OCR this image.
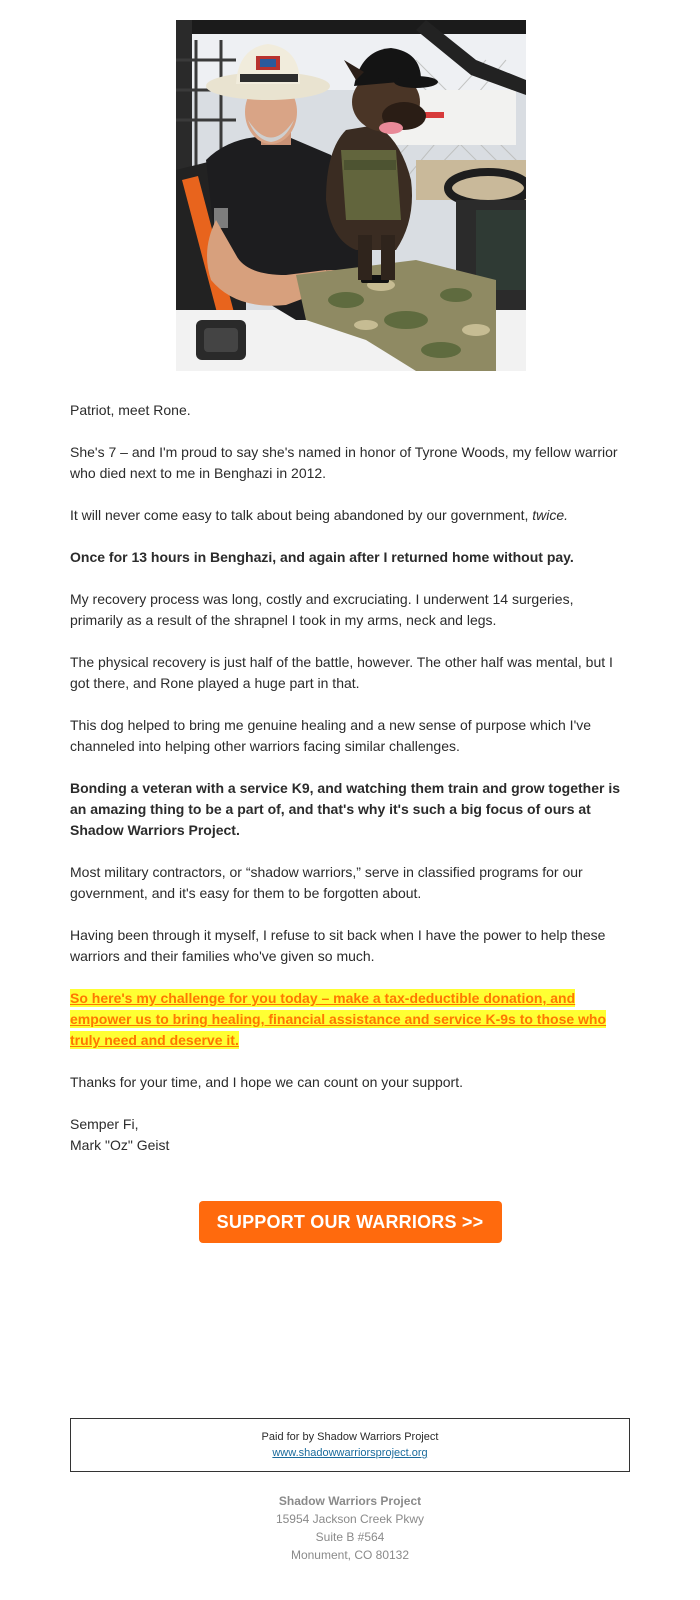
Patriot, meet Rone.

She's 7 – and I'm proud to say she's named in honor of Tyrone Woods, my fellow warrior who died next to me in Benghazi in 2012.

It will never come easy to talk about being abandoned by our government, twice.

Once for 13 hours in Benghazi, and again after I returned home without pay.

My recovery process was long, costly and excruciating. I underwent 14 surgeries, primarily as a result of the shrapnel I took in my arms, neck and legs.

The physical recovery is just half of the battle, however. The other half was mental, but I got there, and Rone played a huge part in that.

This dog helped to bring me genuine healing and a new sense of purpose which I've channeled into helping other warriors facing similar challenges.

Bonding a veteran with a service K9, and watching them train and grow together is an amazing thing to be a part of, and that's why it's such a big focus of ours at Shadow Warriors Project.

Most military contractors, or “shadow warriors,” serve in classified programs for our government, and it's easy for them to be forgotten about.

Having been through it myself, I refuse to sit back when I have the power to help these warriors and their families who've given so much.

So here's my challenge for you today – make a tax-deductible donation, and empower us to bring healing, financial assistance and service K-9s to those who truly need and deserve it.

Thanks for your time, and I hope we can count on your support.

Semper Fi,
Mark "Oz" Geist

SUPPORT OUR WARRIORS >>
Paid for by Shadow Warriors Project
www.shadowwarriorsproject.org
Shadow Warriors Project
15954 Jackson Creek Pkwy
Suite B #564
Monument, CO 80132
